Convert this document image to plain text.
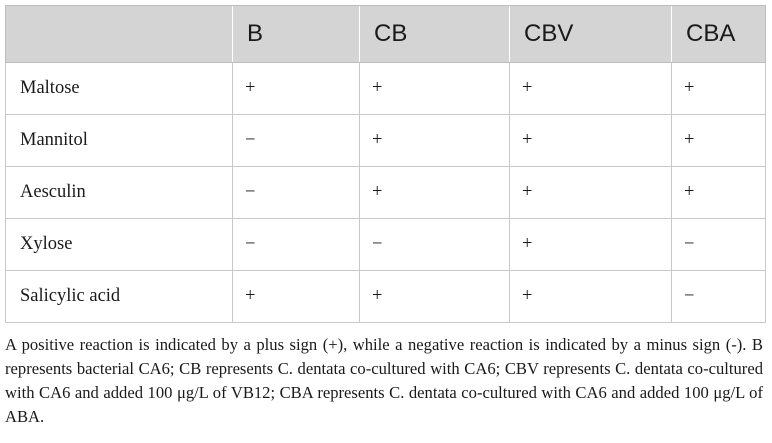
	B	CB	CBV	CBA
Maltose	+	+	+	+
Mannitol	−	+	+	+
Aesculin	−	+	+	+
Xylose	−	−	+	−
Salicylic acid	+	+	+	−

A positive reaction is indicated by a plus sign (+), while a negative reaction is indicated by a minus sign (-). B represents bacterial CA6; CB represents C. dentata co-cultured with CA6; CBV represents C. dentata co-cultured with CA6 and added 100 μg/L of VB12; CBA represents C. dentata co-cultured with CA6 and added 100 μg/L of ABA.
